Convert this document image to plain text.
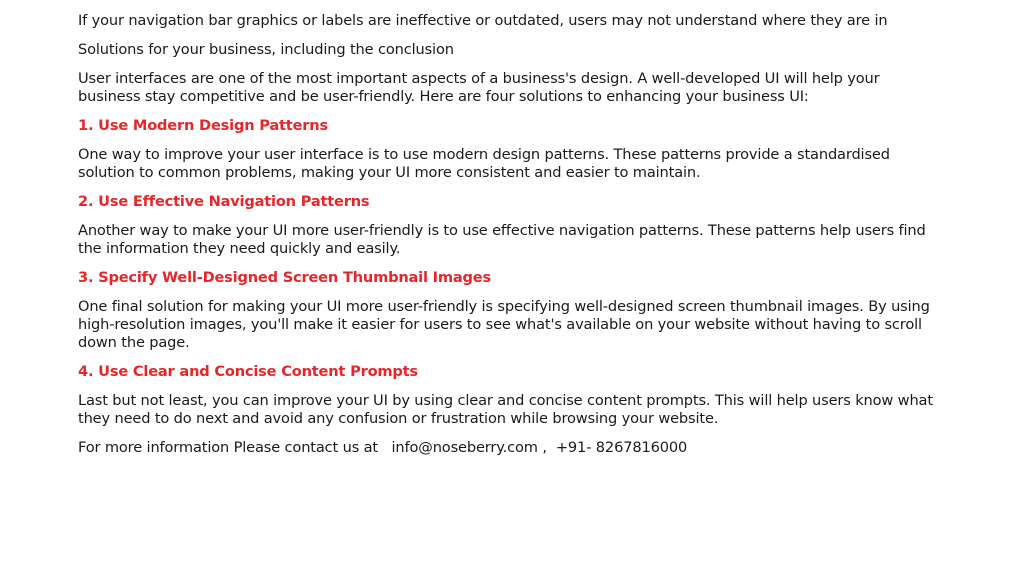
If your navigation bar graphics or labels are ineffective or outdated, users may not understand where they are in

Solutions for your business, including the conclusion

User interfaces are one of the most important aspects of a business's design. A well-developed UI will help your business stay competitive and be user-friendly. Here are four solutions to enhancing your business UI:

1. Use Modern Design Patterns

One way to improve your user interface is to use modern design patterns. These patterns provide a standardised solution to common problems, making your UI more consistent and easier to maintain.

2. Use Effective Navigation Patterns

Another way to make your UI more user-friendly is to use effective navigation patterns. These patterns help users find the information they need quickly and easily.

3. Specify Well-Designed Screen Thumbnail Images

One final solution for making your UI more user-friendly is specifying well-designed screen thumbnail images. By using high-resolution images, you'll make it easier for users to see what's available on your website without having to scroll down the page.

4. Use Clear and Concise Content Prompts

Last but not least, you can improve your UI by using clear and concise content prompts. This will help users know what they need to do next and avoid any confusion or frustration while browsing your website.

For more information Please contact us at info@noseberry.com , +91- 8267816000
